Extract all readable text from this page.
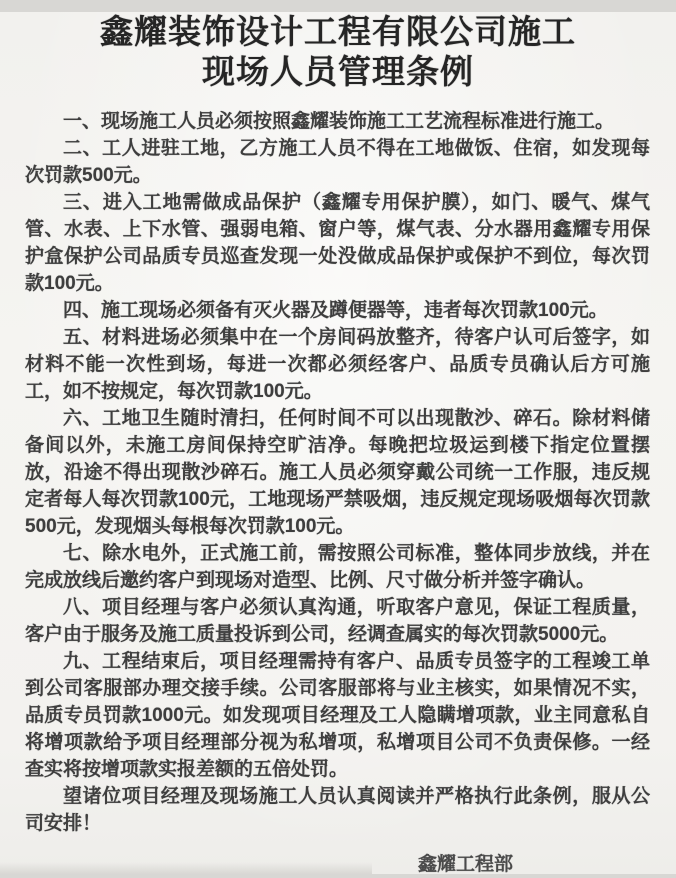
鑫耀装饰设计工程有限公司施工
现场人员管理条例

一、现场施工人员必须按照鑫耀装饰施工工艺流程标准进行施工。

二、工人进驻工地，乙方施工人员不得在工地做饭、住宿，如发现每次罚款500元。

三、进入工地需做成品保护（鑫耀专用保护膜），如门、暖气、煤气管、水表、上下水管、强弱电箱、窗户等，煤气表、分水器用鑫耀专用保护盒保护公司品质专员巡查发现一处没做成品保护或保护不到位，每次罚款100元。

四、施工现场必须备有灭火器及蹲便器等，违者每次罚款100元。

五、材料进场必须集中在一个房间码放整齐，待客户认可后签字，如材料不能一次性到场，每进一次都必须经客户、品质专员确认后方可施工，如不按规定，每次罚款100元。

六、工地卫生随时清扫，任何时间不可以出现散沙、碎石。除材料储备间以外，未施工房间保持空旷洁净。每晚把垃圾运到楼下指定位置摆放，沿途不得出现散沙碎石。施工人员必须穿戴公司统一工作服，违反规定者每人每次罚款100元，工地现场严禁吸烟，违反规定现场吸烟每次罚款500元，发现烟头每根每次罚款100元。

七、除水电外，正式施工前，需按照公司标准，整体同步放线，并在完成放线后邀约客户到现场对造型、比例、尺寸做分析并签字确认。

八、项目经理与客户必须认真沟通，听取客户意见，保证工程质量，客户由于服务及施工质量投诉到公司，经调查属实的每次罚款5000元。

九、工程结束后，项目经理需持有客户、品质专员签字的工程竣工单到公司客服部办理交接手续。公司客服部将与业主核实，如果情况不实，品质专员罚款1000元。如发现项目经理及工人隐瞒增项款，业主同意私自将增项款给予项目经理部分视为私增项，私增项目公司不负责保修。一经查实将按增项款实报差额的五倍处罚。

望诸位项目经理及现场施工人员认真阅读并严格执行此条例，服从公司安排！

鑫耀工程部
